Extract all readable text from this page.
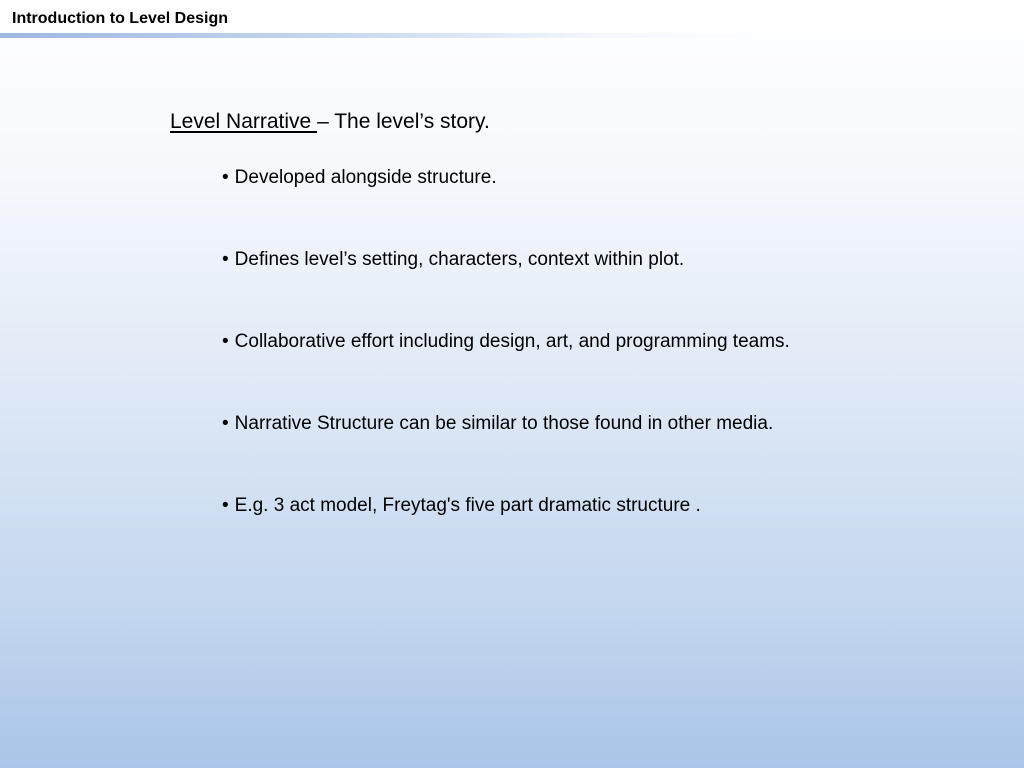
Introduction to Level Design
Level Narrative – The level’s story.
• Developed alongside structure.
• Defines level’s setting, characters, context within plot.
• Collaborative effort including design, art, and programming teams.
• Narrative Structure can be similar to those found in other media.
• E.g. 3 act model, Freytag's five part dramatic structure .
